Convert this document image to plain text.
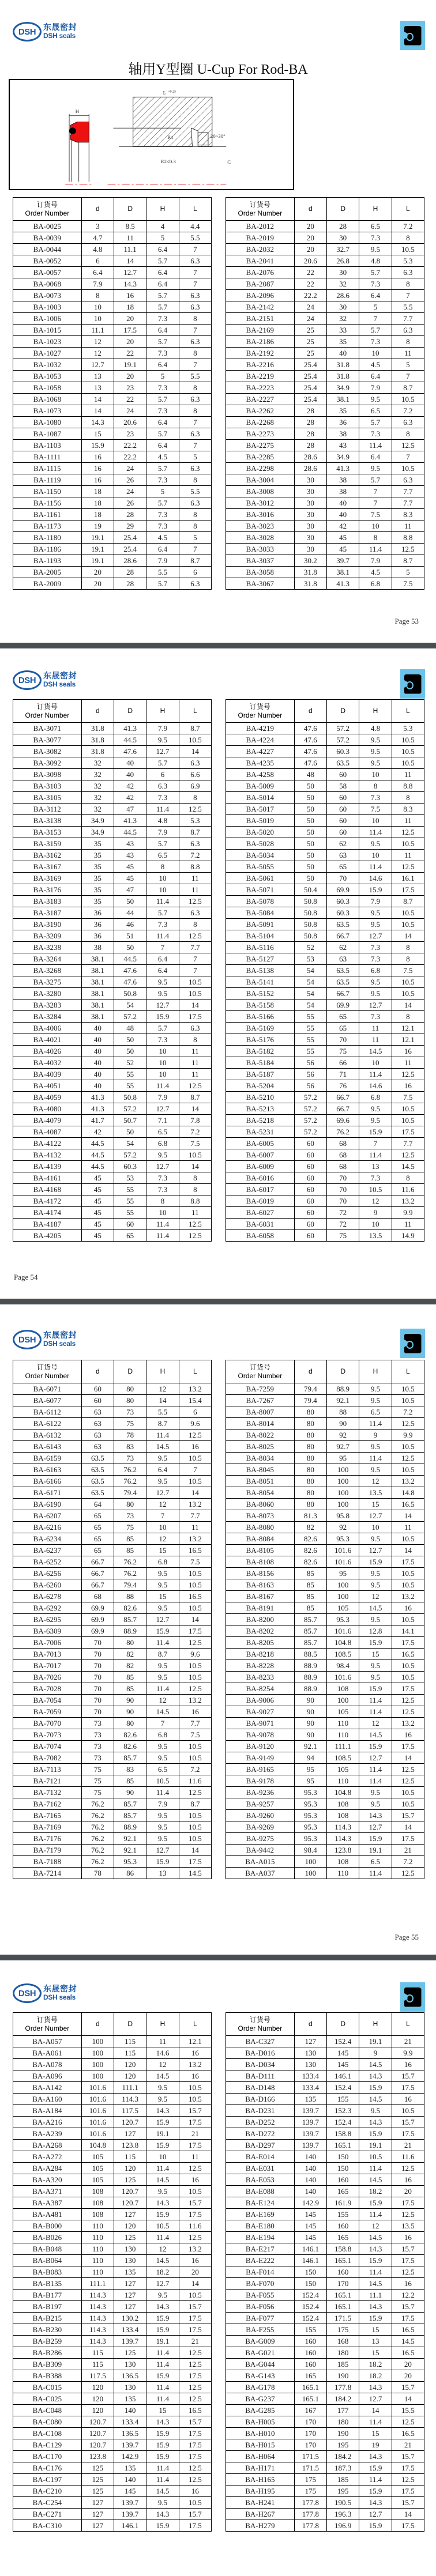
DSH 东晟密封
DSH seals
轴用Y型圈 U-Cup For Rod-BA
H
L +0.25
R1
R2≤0.3
20~30°
C
订货号
Order Number	d	D	H	L
BA-0025	3	8.5	4	4.4
BA-0039	4.7	11	5	5.5
BA-0044	4.8	11.1	6.4	7
BA-0052	6	14	5.7	6.3
BA-0057	6.4	12.7	6.4	7
BA-0068	7.9	14.3	6.4	7
BA-0073	8	16	5.7	6.3
BA-1003	10	18	5.7	6.3
BA-1006	10	20	7.3	8
BA-1015	11.1	17.5	6.4	7
BA-1023	12	20	5.7	6.3
BA-1027	12	22	7.3	8
BA-1032	12.7	19.1	6.4	7
BA-1053	13	20	5	5.5
BA-1058	13	23	7.3	8
BA-1068	14	22	5.7	6.3
BA-1073	14	24	7.3	8
BA-1080	14.3	20.6	6.4	7
BA-1087	15	23	5.7	6.3
BA-1103	15.9	22.2	6.4	7
BA-1111	16	22.2	4.5	5
BA-1115	16	24	5.7	6.3
BA-1119	16	26	7.3	8
BA-1150	18	24	5	5.5
BA-1156	18	26	5.7	6.3
BA-1161	18	28	7.3	8
BA-1173	19	29	7.3	8
BA-1180	19.1	25.4	4.5	5
BA-1186	19.1	25.4	6.4	7
BA-1193	19.1	28.6	7.9	8.7
BA-2005	20	28	5.5	6
BA-2009	20	28	5.7	6.3
订货号
Order Number	d	D	H	L
BA-2012	20	28	6.5	7.2
BA-2019	20	30	7.3	8
BA-2032	20	32.7	9.5	10.5
BA-2041	20.6	26.8	4.8	5.3
BA-2076	22	30	5.7	6.3
BA-2087	22	32	7.3	8
BA-2096	22.2	28.6	6.4	7
BA-2142	24	30	5	5.5
BA-2151	24	32	7	7.7
BA-2169	25	33	5.7	6.3
BA-2186	25	35	7.3	8
BA-2192	25	40	10	11
BA-2216	25.4	31.8	4.5	5
BA-2219	25.4	31.8	6.4	7
BA-2223	25.4	34.9	7.9	8.7
BA-2227	25.4	38.1	9.5	10.5
BA-2262	28	35	6.5	7.2
BA-2268	28	36	5.7	6.3
BA-2273	28	38	7.3	8
BA-2275	28	43	11.4	12.5
BA-2285	28.6	34.9	6.4	7
BA-2298	28.6	41.3	9.5	10.5
BA-3004	30	38	5.7	6.3
BA-3008	30	38	7	7.7
BA-3012	30	40	7	7.7
BA-3016	30	40	7.5	8.3
BA-3023	30	42	10	11
BA-3028	30	45	8	8.8
BA-3033	30	45	11.4	12.5
BA-3037	30.2	39.7	7.9	8.7
BA-3058	31.8	38.1	4.5	5
BA-3067	31.8	41.3	6.8	7.5
Page 53
DSH 东晟密封
DSH seals
订货号
Order Number	d	D	H	L
BA-3071	31.8	41.3	7.9	8.7
BA-3077	31.8	44.5	9.5	10.5
BA-3082	31.8	47.6	12.7	14
BA-3092	32	40	5.7	6.3
BA-3098	32	40	6	6.6
BA-3103	32	42	6.3	6.9
BA-3105	32	42	7.3	8
BA-3112	32	47	11.4	12.5
BA-3138	34.9	41.3	4.8	5.3
BA-3153	34.9	44.5	7.9	8.7
BA-3159	35	43	5.7	6.3
BA-3162	35	43	6.5	7.2
BA-3167	35	45	8	8.8
BA-3169	35	45	10	11
BA-3176	35	47	10	11
BA-3183	35	50	11.4	12.5
BA-3187	36	44	5.7	6.3
BA-3190	36	46	7.3	8
BA-3209	36	51	11.4	12.5
BA-3238	38	50	7	7.7
BA-3264	38.1	44.5	6.4	7
BA-3268	38.1	47.6	6.4	7
BA-3275	38.1	47.6	9.5	10.5
BA-3280	38.1	50.8	9.5	10.5
BA-3283	38.1	54	12.7	14
BA-3284	38.1	57.2	15.9	17.5
BA-4006	40	48	5.7	6.3
BA-4021	40	50	7.3	8
BA-4026	40	50	10	11
BA-4032	40	52	10	11
BA-4039	40	55	10	11
BA-4051	40	55	11.4	12.5
BA-4059	41.3	50.8	7.9	8.7
BA-4080	41.3	57.2	12.7	14
BA-4079	41.7	50.7	7.1	7.8
BA-4087	42	50	6.5	7.2
BA-4122	44.5	54	6.8	7.5
BA-4132	44.5	57.2	9.5	10.5
BA-4139	44.5	60.3	12.7	14
BA-4161	45	53	7.3	8
BA-4168	45	55	7.3	8
BA-4172	45	55	8	8.8
BA-4174	45	55	10	11
BA-4187	45	60	11.4	12.5
BA-4205	45	65	11.4	12.5
订货号
Order Number	d	D	H	L
BA-4219	47.6	57.2	4.8	5.3
BA-4224	47.6	57.2	9.5	10.5
BA-4227	47.6	60.3	9.5	10.5
BA-4235	47.6	63.5	9.5	10.5
BA-4258	48	60	10	11
BA-5009	50	58	8	8.8
BA-5014	50	60	7.3	8
BA-5017	50	60	7.5	8.3
BA-5019	50	60	10	11
BA-5020	50	60	11.4	12.5
BA-5028	50	62	9.5	10.5
BA-5034	50	63	10	11
BA-5055	50	65	11.4	12.5
BA-5061	50	70	14.6	16.1
BA-5071	50.4	69.9	15.9	17.5
BA-5078	50.8	60.3	7.9	8.7
BA-5084	50.8	60.3	9.5	10.5
BA-5091	50.8	63.5	9.5	10.5
BA-5104	50.8	66.7	12.7	14
BA-5116	52	62	7.3	8
BA-5127	53	63	7.3	8
BA-5138	54	63.5	6.8	7.5
BA-5141	54	63.5	9.5	10.5
BA-5152	54	66.7	9.5	10.5
BA-5158	54	69.9	12.7	14
BA-5166	55	65	7.3	8
BA-5169	55	65	11	12.1
BA-5176	55	70	11	12.1
BA-5182	55	75	14.5	16
BA-5184	56	66	10	11
BA-5187	56	71	11.4	12.5
BA-5204	56	76	14.6	16
BA-5210	57.2	66.7	6.8	7.5
BA-5213	57.2	66.7	9.5	10.5
BA-5218	57.2	69.6	9.5	10.5
BA-5231	57.2	76.2	15.9	17.5
BA-6005	60	68	7	7.7
BA-6007	60	68	11.4	12.5
BA-6009	60	68	13	14.5
BA-6016	60	70	7.3	8
BA-6017	60	70	10.5	11.6
BA-6019	60	70	12	13.2
BA-6027	60	72	9	9.9
BA-6031	60	72	10	11
BA-6058	60	75	13.5	14.9
Page 54
DSH 东晟密封
DSH seals
订货号
Order Number	d	D	H	L
BA-6071	60	80	12	13.2
BA-6077	60	80	14	15.4
BA-6112	63	73	5.5	6
BA-6122	63	75	8.7	9.6
BA-6132	63	78	11.4	12.5
BA-6143	63	83	14.5	16
BA-6159	63.5	73	9.5	10.5
BA-6163	63.5	76.2	6.4	7
BA-6166	63.5	76.2	9.5	10.5
BA-6171	63.5	79.4	12.7	14
BA-6190	64	80	12	13.2
BA-6207	65	73	7	7.7
BA-6216	65	75	10	11
BA-6234	65	85	12	13.2
BA-6237	65	85	15	16.5
BA-6252	66.7	76.2	6.8	7.5
BA-6256	66.7	76.2	9.5	10.5
BA-6260	66.7	79.4	9.5	10.5
BA-6278	68	88	15	16.5
BA-6292	69.9	82.6	9.5	10.5
BA-6295	69.9	85.7	12.7	14
BA-6309	69.9	88.9	15.9	17.5
BA-7006	70	80	11.4	12.5
BA-7013	70	82	8.7	9.6
BA-7017	70	82	9.5	10.5
BA-7026	70	85	9.5	10.5
BA-7028	70	85	11.4	12.5
BA-7054	70	90	12	13.2
BA-7059	70	90	14.5	16
BA-7070	73	80	7	7.7
BA-7073	73	82.6	6.8	7.5
BA-7074	73	82.6	9.5	10.5
BA-7082	73	85.7	9.5	10.5
BA-7113	75	83	6.5	7.2
BA-7121	75	85	10.5	11.6
BA-7132	75	90	11.4	12.5
BA-7162	76.2	85.7	7.9	8.7
BA-7165	76.2	85.7	9.5	10.5
BA-7169	76.2	88.9	9.5	10.5
BA-7176	76.2	92.1	9.5	10.5
BA-7179	76.2	92.1	12.7	14
BA-7188	76.2	95.3	15.9	17.5
BA-7214	78	86	13	14.5
订货号
Order Number	d	D	H	L
BA-7259	79.4	88.9	9.5	10.5
BA-7267	79.4	92.1	9.5	10.5
BA-8007	80	88	6.5	7.2
BA-8014	80	90	11.4	12.5
BA-8022	80	92	9	9.9
BA-8025	80	92.7	9.5	10.5
BA-8034	80	95	11.4	12.5
BA-8045	80	100	9.5	10.5
BA-8051	80	100	12	13.2
BA-8054	80	100	13.5	14.8
BA-8060	80	100	15	16.5
BA-8073	81.3	95.8	12.7	14
BA-8080	82	92	10	11
BA-8084	82.6	95.3	9.5	10.5
BA-8105	82.6	101.6	12.7	14
BA-8108	82.6	101.6	15.9	17.5
BA-8156	85	95	9.5	10.5
BA-8163	85	100	9.5	10.5
BA-8167	85	100	12	13.2
BA-8191	85	105	14.5	16
BA-8200	85.7	95.3	9.5	10.5
BA-8202	85.7	101.6	12.8	14.1
BA-8205	85.7	104.8	15.9	17.5
BA-8218	88.5	108.5	15	16.5
BA-8228	88.9	98.4	9.5	10.5
BA-8233	88.9	101.6	9.5	10.5
BA-8254	88.9	108	15.9	17.5
BA-9006	90	100	11.4	12.5
BA-9027	90	105	11.4	12.5
BA-9071	90	110	12	13.2
BA-9078	90	110	14.5	16
BA-9120	92.1	111.1	15.9	17.5
BA-9149	94	108.5	12.7	14
BA-9165	95	105	11.4	12.5
BA-9178	95	110	11.4	12.5
BA-9236	95.3	104.8	9.5	10.5
BA-9257	95.3	108	9.5	10.5
BA-9260	95.3	108	14.3	15.7
BA-9269	95.3	114.3	12.7	14
BA-9275	95.3	114.3	15.9	17.5
BA-9442	98.4	123.8	19.1	21
BA-A015	100	108	6.5	7.2
BA-A037	100	110	11.4	12.5
Page 55
DSH 东晟密封
DSH seals
订货号
Order Number	d	D	H	L
BA-A057	100	115	11	12.1
BA-A061	100	115	14.6	16
BA-A078	100	120	12	13.2
BA-A096	100	120	14.5	16
BA-A142	101.6	111.1	9.5	10.5
BA-A160	101.6	114.3	9.5	10.5
BA-A184	101.6	117.5	14.3	15.7
BA-A216	101.6	120.7	15.9	17.5
BA-A239	101.6	127	19.1	21
BA-A268	104.8	123.8	15.9	17.5
BA-A272	105	115	10	11
BA-A284	105	120	11.4	12.5
BA-A320	105	125	14.5	16
BA-A371	108	120.7	9.5	10.5
BA-A387	108	120.7	14.3	15.7
BA-A481	108	127	15.9	17.5
BA-B000	110	120	10.5	11.6
BA-B026	110	125	11.4	12.5
BA-B048	110	130	12	13.2
BA-B064	110	130	14.5	16
BA-B083	110	135	18.2	20
BA-B135	111.1	127	12.7	14
BA-B177	114.3	127	9.5	10.5
BA-B197	114.3	127	14.3	15.7
BA-B215	114.3	130.2	15.9	17.5
BA-B230	114.3	133.4	15.9	17.5
BA-B259	114.3	139.7	19.1	21
BA-B286	115	125	11.4	12.5
BA-B309	115	130	11.4	12.5
BA-B388	117.5	136.5	15.9	17.5
BA-C015	120	130	11.4	12.5
BA-C025	120	135	11.4	12.5
BA-C048	120	140	15	16.5
BA-C080	120.7	133.4	14.3	15.7
BA-C108	120.7	136.5	15.9	17.5
BA-C129	120.7	139.7	15.9	17.5
BA-C170	123.8	142.9	15.9	17.5
BA-C176	125	135	11.4	12.5
BA-C197	125	140	11.4	12.5
BA-C210	125	145	14.5	16
BA-C254	127	139.7	9.5	10.5
BA-C271	127	139.7	14.3	15.7
BA-C310	127	146.1	15.9	17.5
订货号
Order Number	d	D	H	L
BA-C327	127	152.4	19.1	21
BA-D016	130	145	9	9.9
BA-D034	130	145	14.5	16
BA-D111	133.4	146.1	14.3	15.7
BA-D148	133.4	152.4	15.9	17.5
BA-D166	135	155	14.5	16
BA-D231	139.7	152.3	9.5	10.5
BA-D252	139.7	152.4	14.3	15.7
BA-D272	139.7	158.8	15.9	17.5
BA-D297	139.7	165.1	19.1	21
BA-E014	140	150	10.5	11.6
BA-E031	140	150	11.4	12.5
BA-E053	140	160	14.5	16
BA-E088	140	165	18.2	20
BA-E124	142.9	161.9	15.9	17.5
BA-E169	145	155	11.4	12.5
BA-E180	145	160	12	13.5
BA-E194	145	165	14.5	16
BA-E217	146.1	158.8	14.3	15.7
BA-E222	146.1	165.1	15.9	17.5
BA-F014	150	160	11.4	12.5
BA-F070	150	170	14.5	16
BA-F055	152.4	165.1	11.1	12.2
BA-F056	152.4	165.1	14.3	15.7
BA-F077	152.4	171.5	15.9	17.5
BA-F255	155	175	15	16.5
BA-G009	160	168	13	14.5
BA-G021	160	180	15	16.5
BA-G044	160	185	18.2	20
BA-G143	165	190	18.2	20
BA-G178	165.1	177.8	14.3	15.7
BA-G237	165.1	184.2	12.7	14
BA-G285	167	177	14	15.5
BA-H005	170	180	11.4	12.5
BA-H010	170	190	15	16.5
BA-H015	170	195	19	21
BA-H064	171.5	184.2	14.3	15.7
BA-H171	171.5	187.3	15.9	17.5
BA-H165	175	185	11.4	12.5
BA-H195	175	195	15.9	17.5
BA-H241	177.8	190.5	14.3	15.7
BA-H267	177.8	196.3	12.7	14
BA-H279	177.8	196.9	15.9	17.5
